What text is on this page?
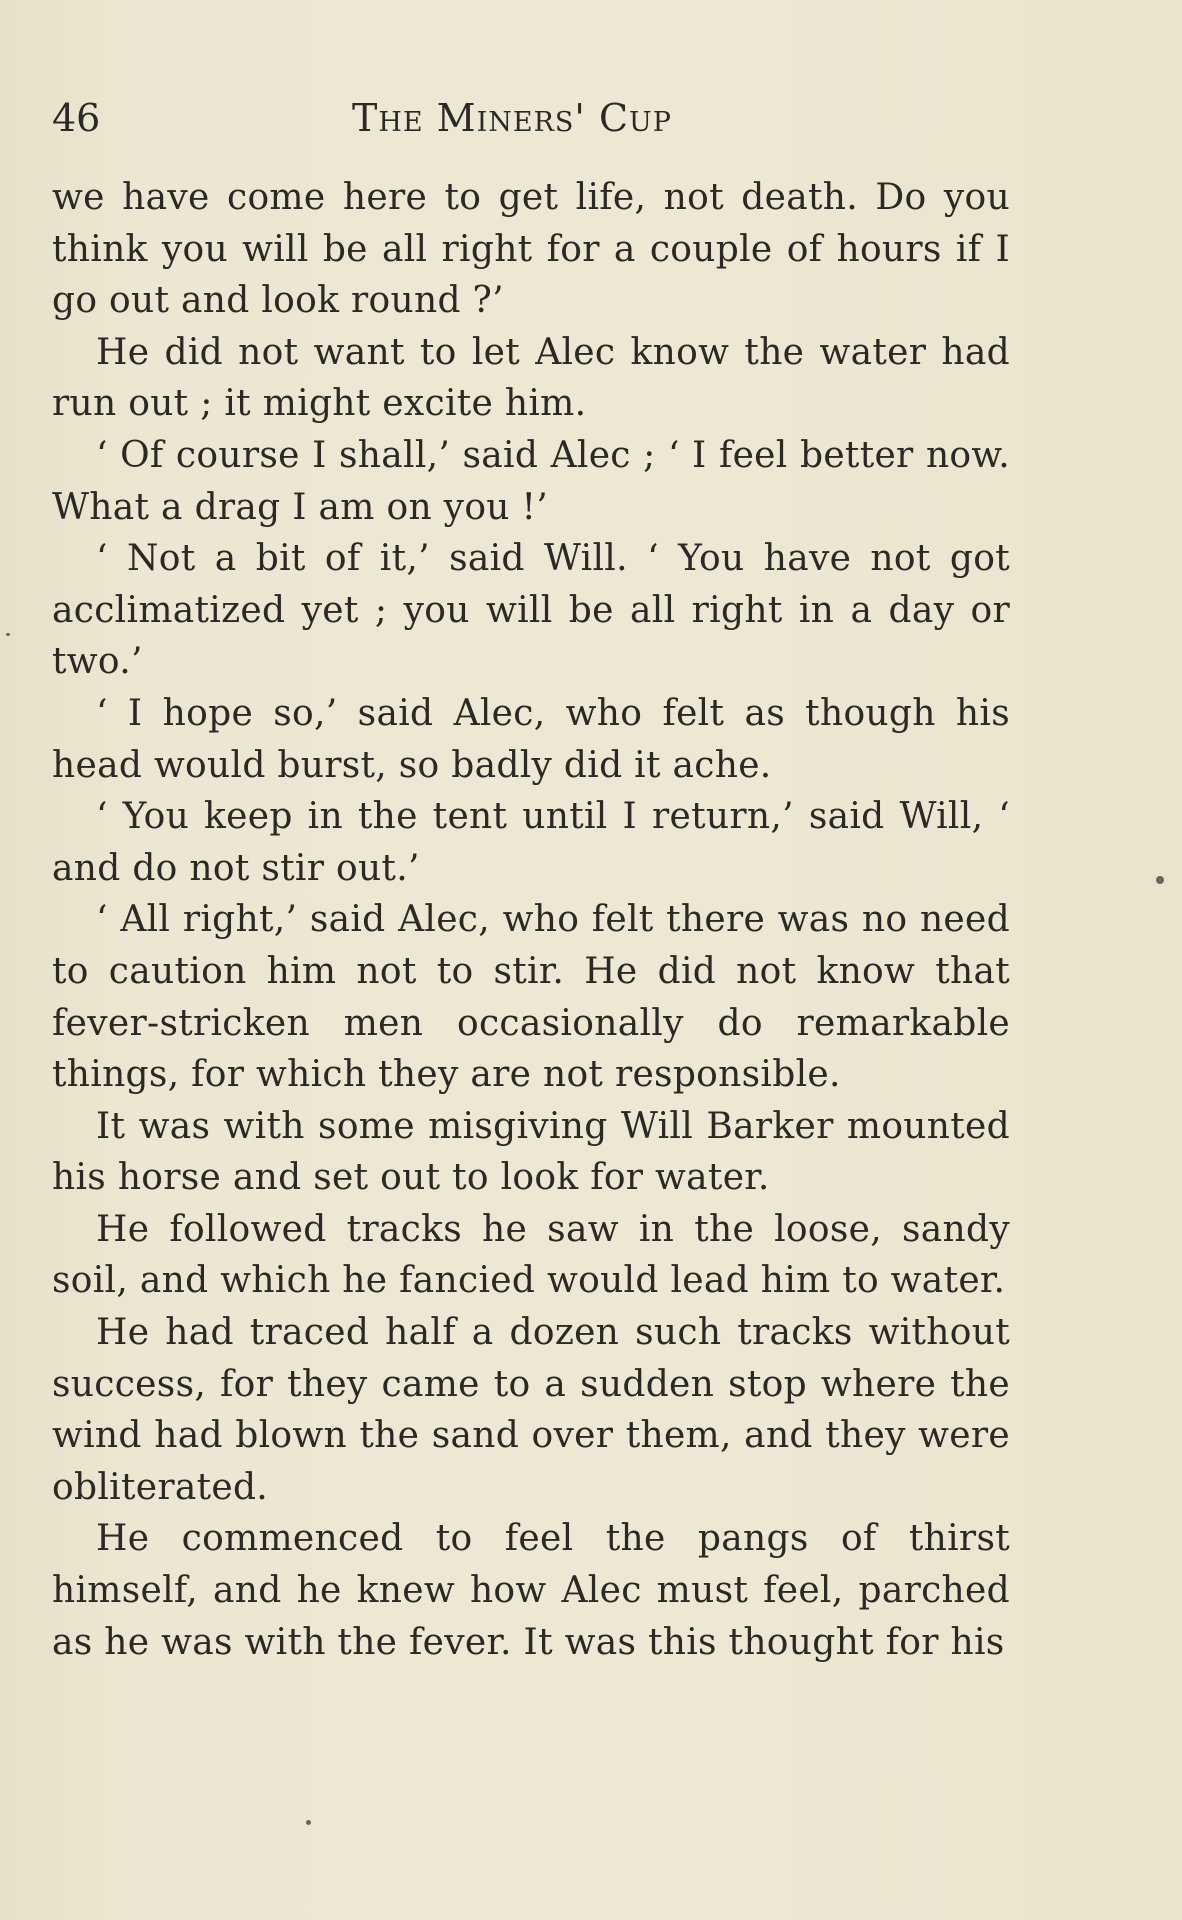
46	The Miners' Cup

we have come here to get life, not death. Do you think you will be all right for a couple of hours if I go out and look round ?’

He did not want to let Alec know the water had run out ; it might excite him.

‘ Of course I shall,’ said Alec ; ‘ I feel better now. What a drag I am on you !’

‘ Not a bit of it,’ said Will. ‘ You have not got acclimatized yet ; you will be all right in a day or two.’

‘ I hope so,’ said Alec, who felt as though his head would burst, so badly did it ache.

‘ You keep in the tent until I return,’ said Will, ‘ and do not stir out.’

‘ All right,’ said Alec, who felt there was no need to caution him not to stir. He did not know that fever-stricken men occasionally do remarkable things, for which they are not responsible.

It was with some misgiving Will Barker mounted his horse and set out to look for water.

He followed tracks he saw in the loose, sandy soil, and which he fancied would lead him to water.

He had traced half a dozen such tracks without success, for they came to a sudden stop where the wind had blown the sand over them, and they were obliterated.

He commenced to feel the pangs of thirst himself, and he knew how Alec must feel, parched as he was with the fever. It was this thought for his
